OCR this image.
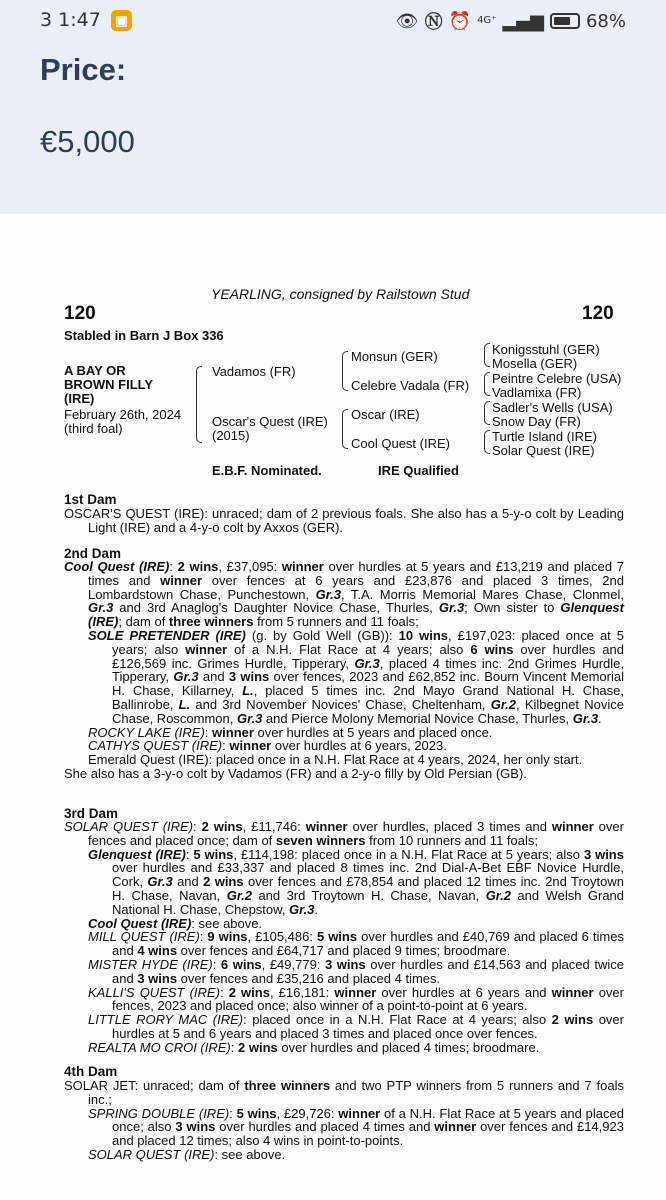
3 1:47	▣	👁 Ⓝ ⏰ 4G⁺ ▂▄▆ 68%
Price:
€5,000
YEARLING, consigned by Railstown Stud
120	120
Stabled in Barn J Box 336
A BAY OR
BROWN FILLY
(IRE)
February 26th, 2024
(third foal)
Vadamos (FR)
Oscar's Quest (IRE)
(2015)
Monsun (GER)
Celebre Vadala (FR)
Oscar (IRE)
Cool Quest (IRE)
Konigsstuhl (GER)
Mosella (GER)
Peintre Celebre (USA)
Vadlamixa (FR)
Sadler's Wells (USA)
Snow Day (FR)
Turtle Island (IRE)
Solar Quest (IRE)
E.B.F. Nominated.	IRE Qualified
1st Dam

OSCAR'S QUEST (IRE): unraced; dam of 2 previous foals. She also has a 5-y-o colt by Leading Light (IRE) and a 4-y-o colt by Axxos (GER).

2nd Dam

Cool Quest (IRE): 2 wins, £37,095: winner over hurdles at 5 years and £13,219 and placed 7 times and winner over fences at 6 years and £23,876 and placed 3 times, 2nd Lombardstown Chase, Punchestown, Gr.3, T.A. Morris Memorial Mares Chase, Clonmel, Gr.3 and 3rd Anaglog's Daughter Novice Chase, Thurles, Gr.3; Own sister to Glenquest (IRE); dam of three winners from 5 runners and 11 foals;

SOLE PRETENDER (IRE) (g. by Gold Well (GB)): 10 wins, £197,023: placed once at 5 years; also winner of a N.H. Flat Race at 4 years; also 6 wins over hurdles and £126,569 inc. Grimes Hurdle, Tipperary, Gr.3, placed 4 times inc. 2nd Grimes Hurdle, Tipperary, Gr.3 and 3 wins over fences, 2023 and £62,852 inc. Bourn Vincent Memorial H. Chase, Killarney, L., placed 5 times inc. 2nd Mayo Grand National H. Chase, Ballinrobe, L. and 3rd November Novices' Chase, Cheltenham, Gr.2, Kilbegnet Novice Chase, Roscommon, Gr.3 and Pierce Molony Memorial Novice Chase, Thurles, Gr.3.

ROCKY LAKE (IRE): winner over hurdles at 5 years and placed once.

CATHYS QUEST (IRE): winner over hurdles at 6 years, 2023.

Emerald Quest (IRE): placed once in a N.H. Flat Race at 4 years, 2024, her only start.

She also has a 3-y-o colt by Vadamos (FR) and a 2-y-o filly by Old Persian (GB).

3rd Dam

SOLAR QUEST (IRE): 2 wins, £11,746: winner over hurdles, placed 3 times and winner over fences and placed once; dam of seven winners from 10 runners and 11 foals;

Glenquest (IRE): 5 wins, £114,198: placed once in a N.H. Flat Race at 5 years; also 3 wins over hurdles and £33,337 and placed 8 times inc. 2nd Dial-A-Bet EBF Novice Hurdle, Cork, Gr.3 and 2 wins over fences and £78,854 and placed 12 times inc. 2nd Troytown H. Chase, Navan, Gr.2 and 3rd Troytown H. Chase, Navan, Gr.2 and Welsh Grand National H. Chase, Chepstow, Gr.3.

Cool Quest (IRE): see above.

MILL QUEST (IRE): 9 wins, £105,486: 5 wins over hurdles and £40,769 and placed 6 times and 4 wins over fences and £64,717 and placed 9 times; broodmare.

MISTER HYDE (IRE): 6 wins, £49,779: 3 wins over hurdles and £14,563 and placed twice and 3 wins over fences and £35,216 and placed 4 times.

KALLI'S QUEST (IRE): 2 wins, £16,181: winner over hurdles at 6 years and winner over fences, 2023 and placed once; also winner of a point-to-point at 6 years.

LITTLE RORY MAC (IRE): placed once in a N.H. Flat Race at 4 years; also 2 wins over hurdles at 5 and 6 years and placed 3 times and placed once over fences.

REALTA MO CROI (IRE): 2 wins over hurdles and placed 4 times; broodmare.

4th Dam

SOLAR JET: unraced; dam of three winners and two PTP winners from 5 runners and 7 foals inc.;

SPRING DOUBLE (IRE): 5 wins, £29,726: winner of a N.H. Flat Race at 5 years and placed once; also 3 wins over hurdles and placed 4 times and winner over fences and £14,923 and placed 12 times; also 4 wins in point-to-points.

SOLAR QUEST (IRE): see above.
